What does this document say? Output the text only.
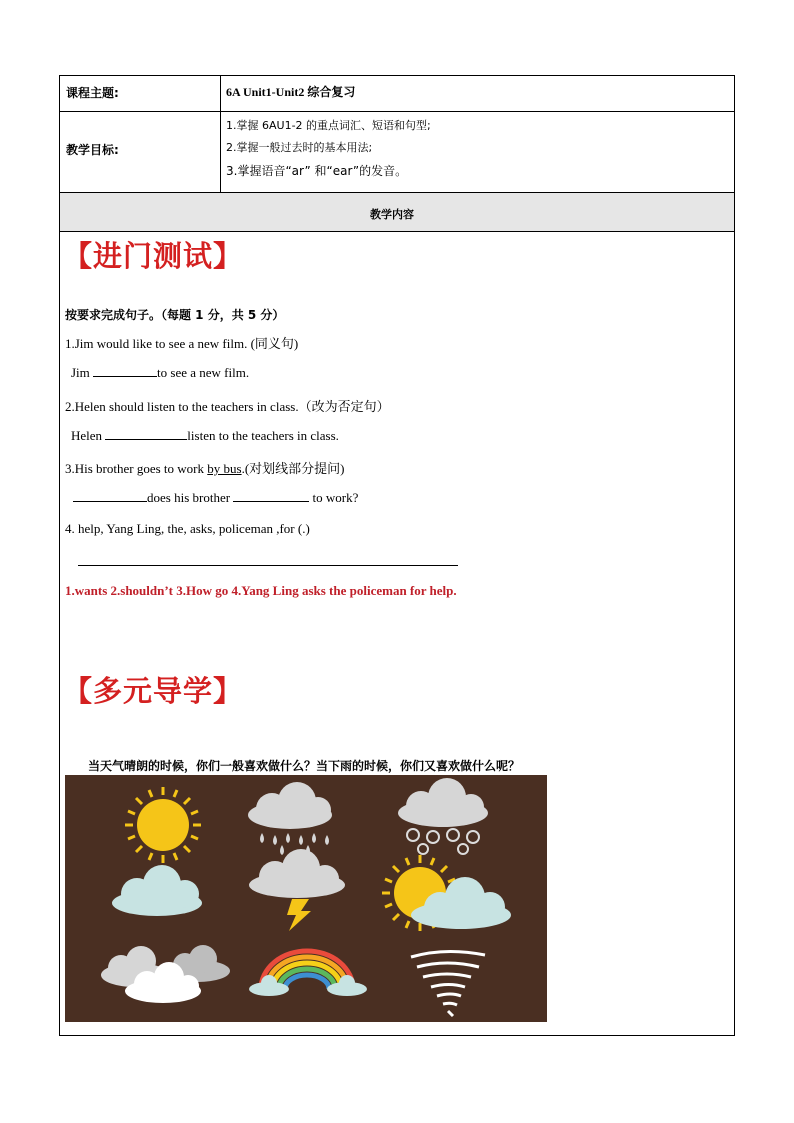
课程主题:	6A Unit1-Unit2 综合复习
教学目标:
1.掌握 6AU1-2 的重点词汇、短语和句型;
2.掌握一般过去时的基本用法;
3.掌握语音“ar” 和“ear”的发音。
教学内容
【进门测试】
按要求完成句子。（每题 1 分，共 5 分）
1.Jim would like to see a new film. (同义句)
Jim	to see a new film.
2.Helen should listen to the teachers in class.（改为否定句）
Helen	listen to the teachers in class.
3.His brother goes to work by bus.(对划线部分提问)
does his brother	to work?
4. help, Yang Ling, the, asks, policeman ,for (.)
1.wants 2.shouldn’t 3.How go 4.Yang Ling asks the policeman for help.
【多元导学】
当天气晴朗的时候，你们一般喜欢做什么？当下雨的时候，你们又喜欢做什么呢？
